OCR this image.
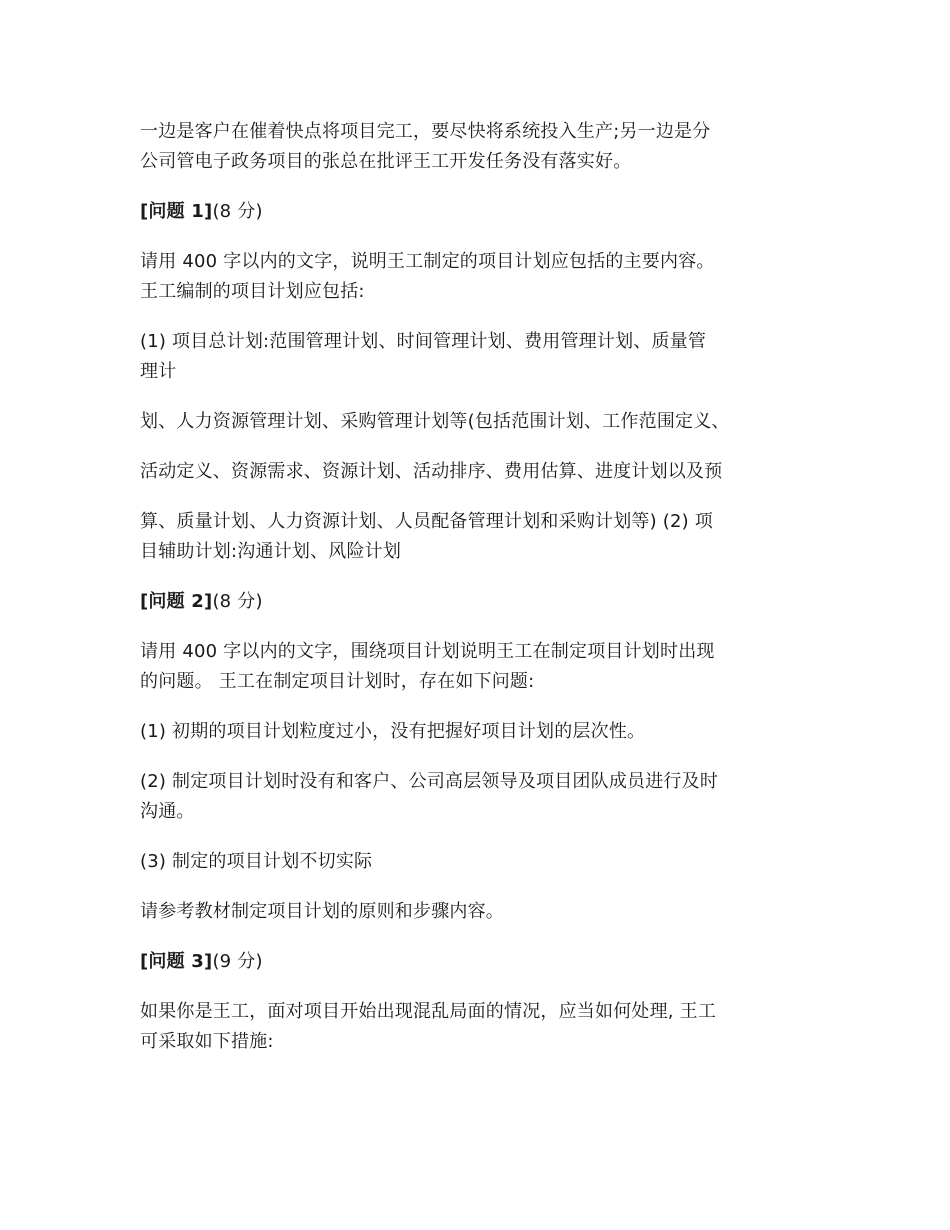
一边是客户在催着快点将项目完工，要尽快将系统投入生产;另一边是分
公司管电子政务项目的张总在批评王工开发任务没有落实好。
[问题 1](8 分)
请用 400 字以内的文字，说明王工制定的项目计划应包括的主要内容。
王工编制的项目计划应包括:
(1) 项目总计划:范围管理计划、时间管理计划、费用管理计划、质量管
理计
划、人力资源管理计划、采购管理计划等(包括范围计划、工作范围定义、
活动定义、资源需求、资源计划、活动排序、费用估算、进度计划以及预
算、质量计划、人力资源计划、人员配备管理计划和采购计划等) (2) 项
目辅助计划:沟通计划、风险计划
[问题 2](8 分)
请用 400 字以内的文字，围绕项目计划说明王工在制定项目计划时出现
的问题。 王工在制定项目计划时，存在如下问题:
(1) 初期的项目计划粒度过小，没有把握好项目计划的层次性。
(2) 制定项目计划时没有和客户、公司高层领导及项目团队成员进行及时
沟通。
(3) 制定的项目计划不切实际
请参考教材制定项目计划的原则和步骤内容。
[问题 3](9 分)
如果你是王工，面对项目开始出现混乱局面的情况，应当如何处理, 王工
可采取如下措施:
